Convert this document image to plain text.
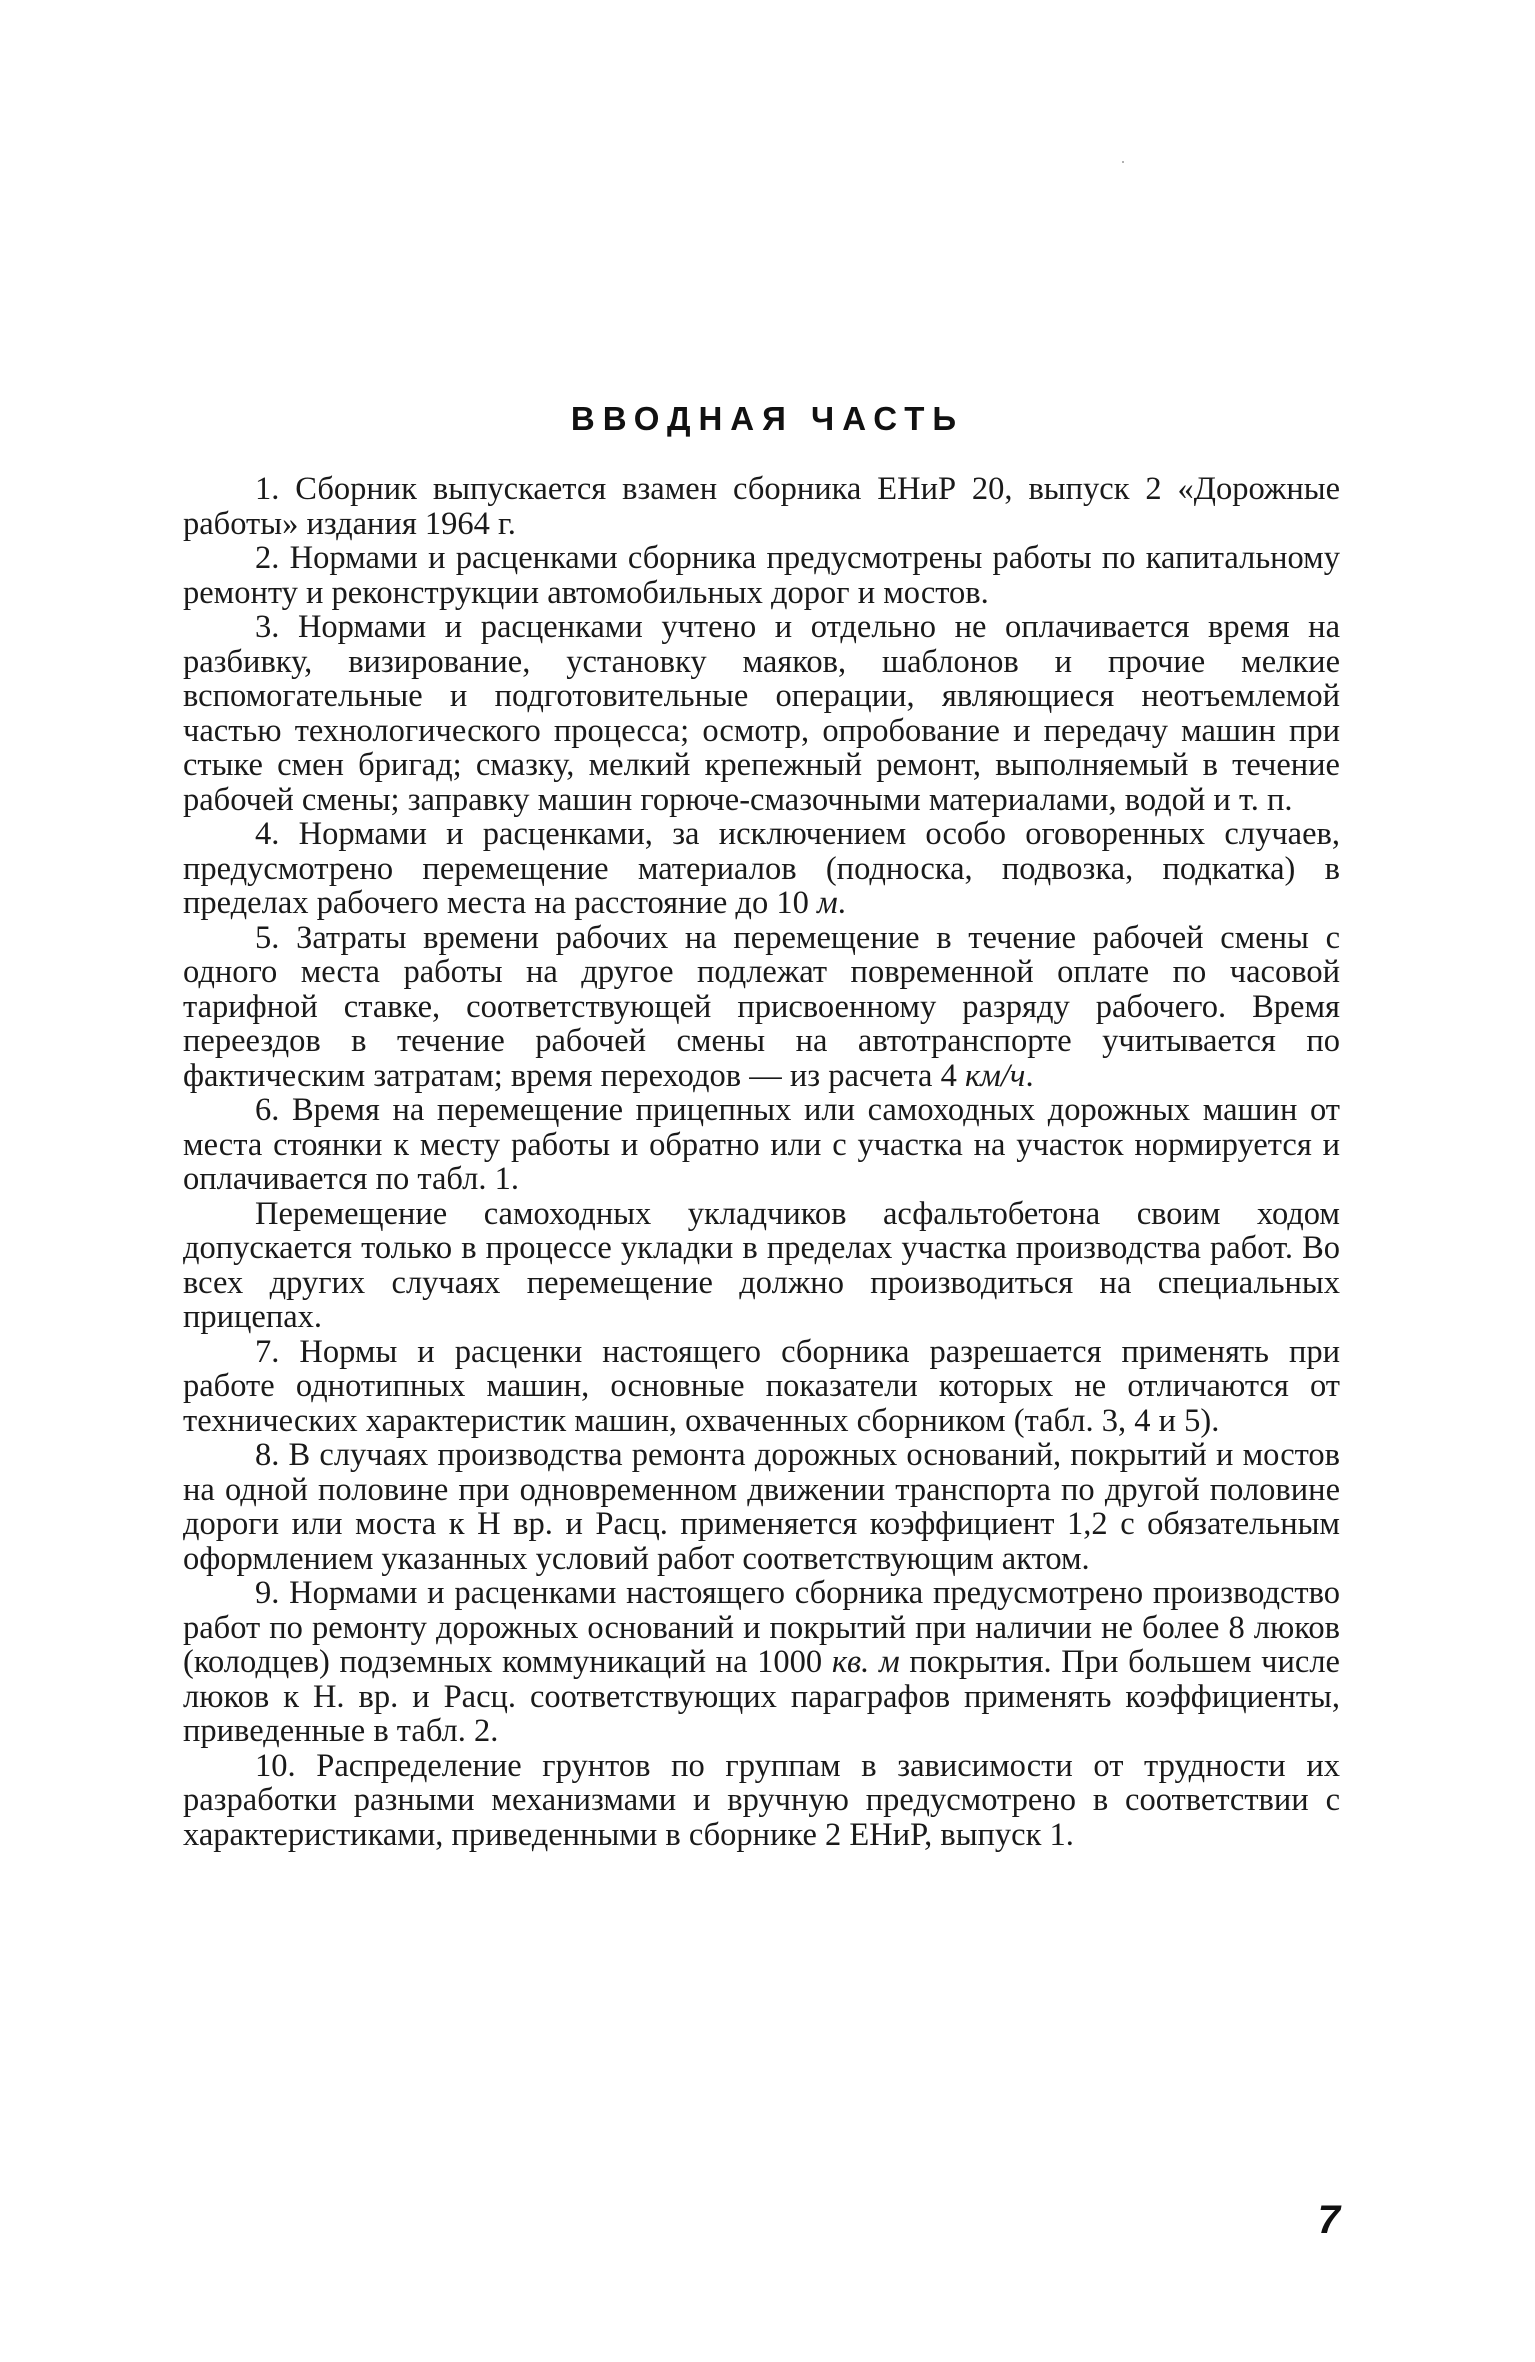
ВВОДНАЯ ЧАСТЬ

1. Сборник выпускается взамен сборника ЕНиР 20, выпуск 2 «Дорожные работы» издания 1964 г.

2. Нормами и расценками сборника предусмотрены работы по капитальному ремонту и реконструкции автомобильных дорог и мостов.

3. Нормами и расценками учтено и отдельно не оплачивается время на разбивку, визирование, установку маяков, шаблонов и прочие мелкие вспомогательные и подготовительные операции, являющиеся неотъемлемой частью технологического процесса; осмотр, опробование и передачу машин при стыке смен бригад; смазку, мелкий крепежный ремонт, выполняемый в течение рабочей смены; заправку машин горюче-смазочными материалами, водой и т. п.

4. Нормами и расценками, за исключением особо оговоренных случаев, предусмотрено перемещение материалов (подноска, подвозка, подкатка) в пределах рабочего места на расстояние до 10 м.

5. Затраты времени рабочих на перемещение в течение рабочей смены с одного места работы на другое подлежат повременной оплате по часовой тарифной ставке, соответствующей присвоенному разряду рабочего. Время переездов в течение рабочей смены на автотранспорте учитывается по фактическим затратам; время переходов — из расчета 4 км/ч.

6. Время на перемещение прицепных или самоходных дорожных машин от места стоянки к месту работы и обратно или с участка на участок нормируется и оплачивается по табл. 1.

Перемещение самоходных укладчиков асфальтобетона своим ходом допускается только в процессе укладки в пределах участка производства работ. Во всех других случаях перемещение должно производиться на специальных прицепах.

7. Нормы и расценки настоящего сборника разрешается применять при работе однотипных машин, основные показатели которых не отличаются от технических характеристик машин, охваченных сборником (табл. 3, 4 и 5).

8. В случаях производства ремонта дорожных оснований, покрытий и мостов на одной половине при одновременном движении транспорта по другой половине дороги или моста к Н вр. и Расц. применяется коэффициент 1,2 с обязательным оформлением указанных условий работ соответствующим актом.

9. Нормами и расценками настоящего сборника предусмотрено производство работ по ремонту дорожных оснований и покрытий при наличии не более 8 люков (колодцев) подземных коммуникаций на 1000 кв. м покрытия. При большем числе люков к Н. вр. и Расц. соответствующих параграфов применять коэффициенты, приведенные в табл. 2.

10. Распределение грунтов по группам в зависимости от трудности их разработки разными механизмами и вручную предусмотрено в соответствии с характеристиками, приведенными в сборнике 2 ЕНиР, выпуск 1.

7
